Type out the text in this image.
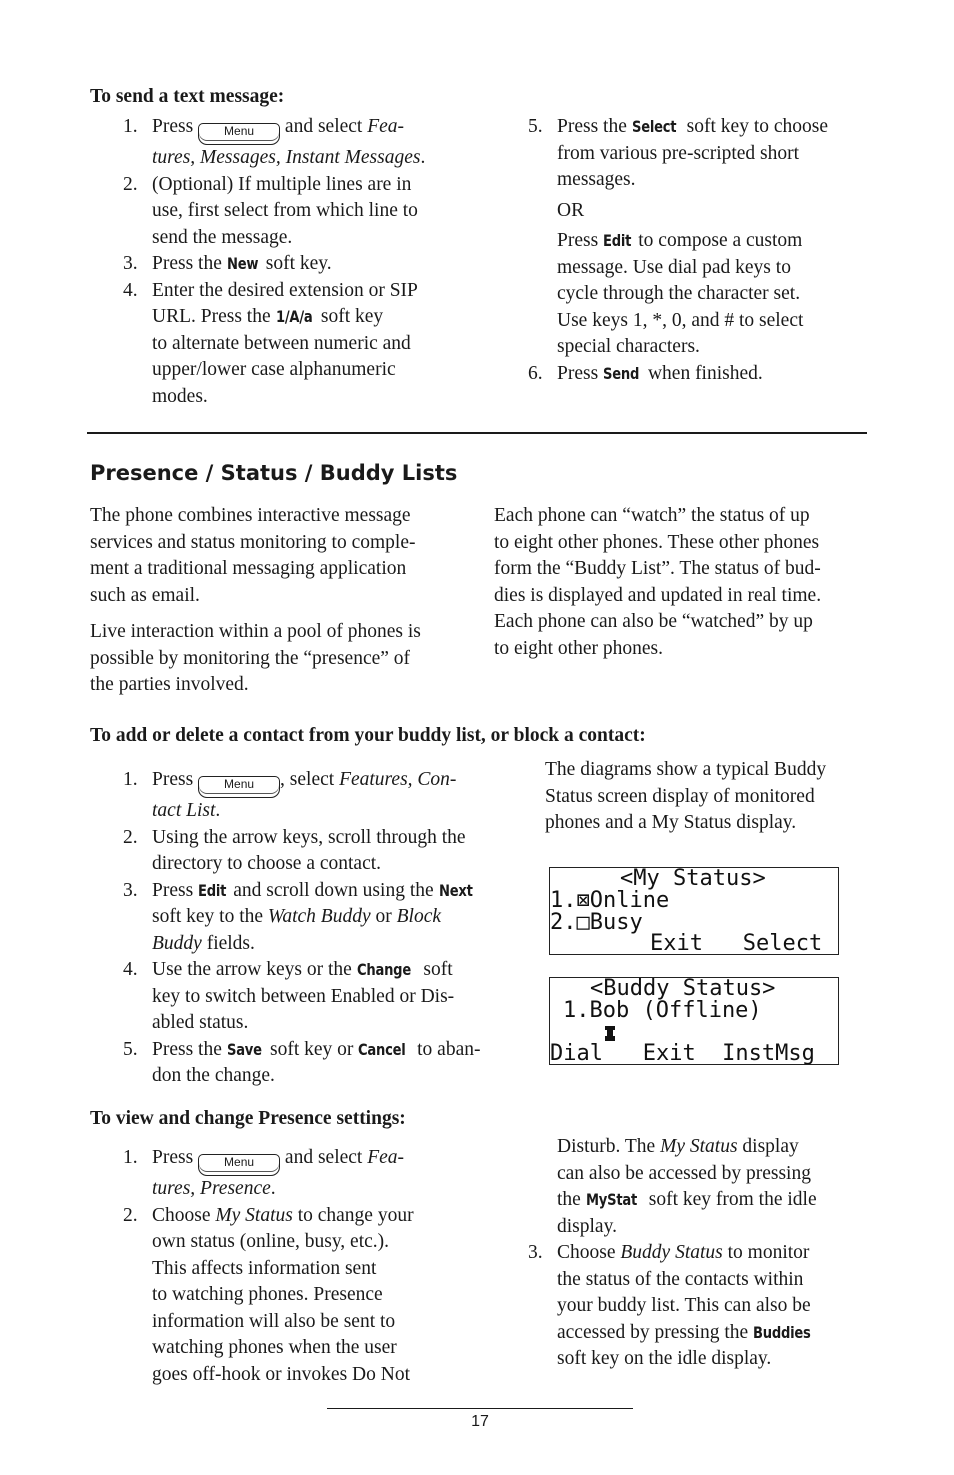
To send a text message:
1. Press	Menu and select Fea-
tures, Messages, Instant Messages.
2. (Optional) If multiple lines are in
use, first select from which line to
send the message.
3. Press the New soft key.
4. Enter the desired extension or SIP
URL. Press the 1/A/a soft key
to alternate between numeric and
upper/lower case alphanumeric
modes.
5. Press the Select soft key to choose
from various pre-scripted short
messages.
OR
Press Edit to compose a custom
message. Use dial pad keys to
cycle through the character set.
Use keys 1, *, 0, and # to select
special characters.
6. Press Send when finished.
Presence / Status / Buddy Lists

The phone combines interactive message
services and status monitoring to comple-
ment a traditional messaging application
such as email.

Live interaction within a pool of phones is
possible by monitoring the “presence” of
the parties involved.

Each phone can “watch” the status of up
to eight other phones. These other phones
form the “Buddy List”. The status of bud-
dies is displayed and updated in real time.
Each phone can also be “watched” by up
to eight other phones.

To add or delete a contact from your buddy list, or block a contact:
1. Press	Menu , select Features, Con-
tact List.
2. Using the arrow keys, scroll through the
directory to choose a contact.
3. Press Edit and scroll down using the Next
soft key to the Watch Buddy or Block
Buddy fields.
4. Use the arrow keys or the Change soft
key to switch between Enabled or Dis-
abled status.
5. Press the Save soft key or Cancel to aban-
don the change.
The diagrams show a typical Buddy
Status screen display of monitored
phones and a My Status display.

<My Status>

1.⊠Online

2.□Busy

Exit   Select

<Buddy Status>

1.Bob (Offline)

Dial   Exit  InstMsg

To view and change Presence settings:
1. Press	Menu and select Fea-
tures, Presence.
2. Choose My Status to change your
own status (online, busy, etc.).
This affects information sent
to watching phones. Presence
information will also be sent to
watching phones when the user
goes off-hook or invokes Do Not
Disturb. The My Status display
can also be accessed by pressing
the MyStat soft key from the idle
display.
3. Choose Buddy Status to monitor
the status of the contacts within
your buddy list. This can also be
accessed by pressing the Buddies
soft key on the idle display.
17
